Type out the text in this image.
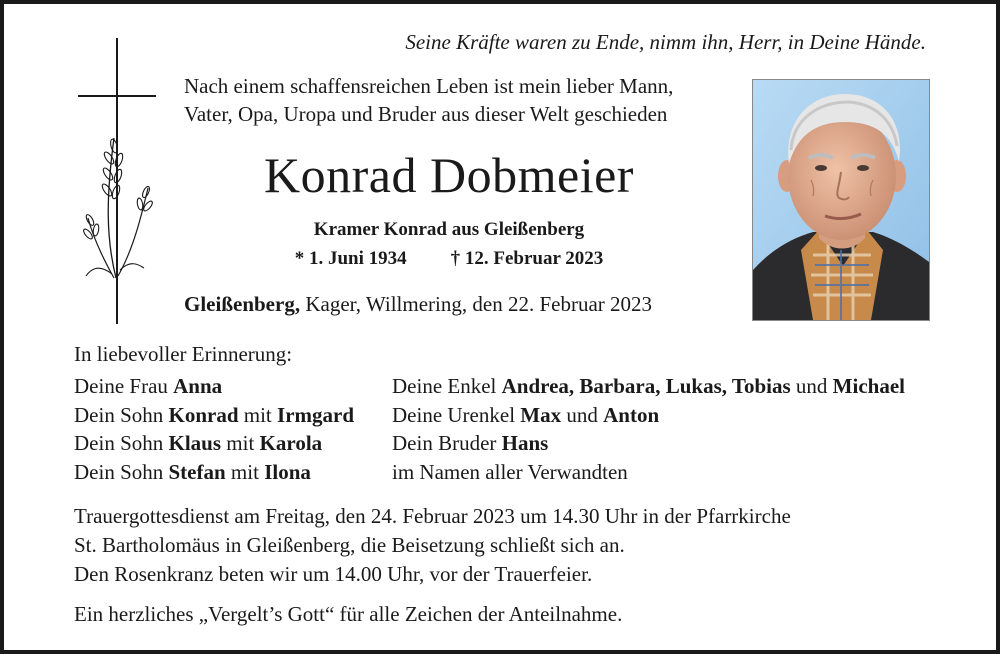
Seine Kräfte waren zu Ende, nimm ihn, Herr, in Deine Hände.
Nach einem schaffensreichen Leben ist mein lieber Mann,
Vater, Opa, Uropa und Bruder aus dieser Welt geschieden
Konrad Dobmeier
Kramer Konrad aus Gleißenberg
* 1. Juni 1934 † 12. Februar 2023
Gleißenberg, Kager, Willmering, den 22. Februar 2023
In liebevoller Erinnerung:
Deine Frau Anna
Dein Sohn Konrad mit Irmgard
Dein Sohn Klaus mit Karola
Dein Sohn Stefan mit Ilona
Deine Enkel Andrea, Barbara, Lukas, Tobias und Michael
Deine Urenkel Max und Anton
Dein Bruder Hans
im Namen aller Verwandten
Trauergottesdienst am Freitag, den 24. Februar 2023 um 14.30 Uhr in der Pfarrkirche
St. Bartholomäus in Gleißenberg, die Beisetzung schließt sich an.
Den Rosenkranz beten wir um 14.00 Uhr, vor der Trauerfeier.
Ein herzliches „Vergelt’s Gott“ für alle Zeichen der Anteilnahme.
